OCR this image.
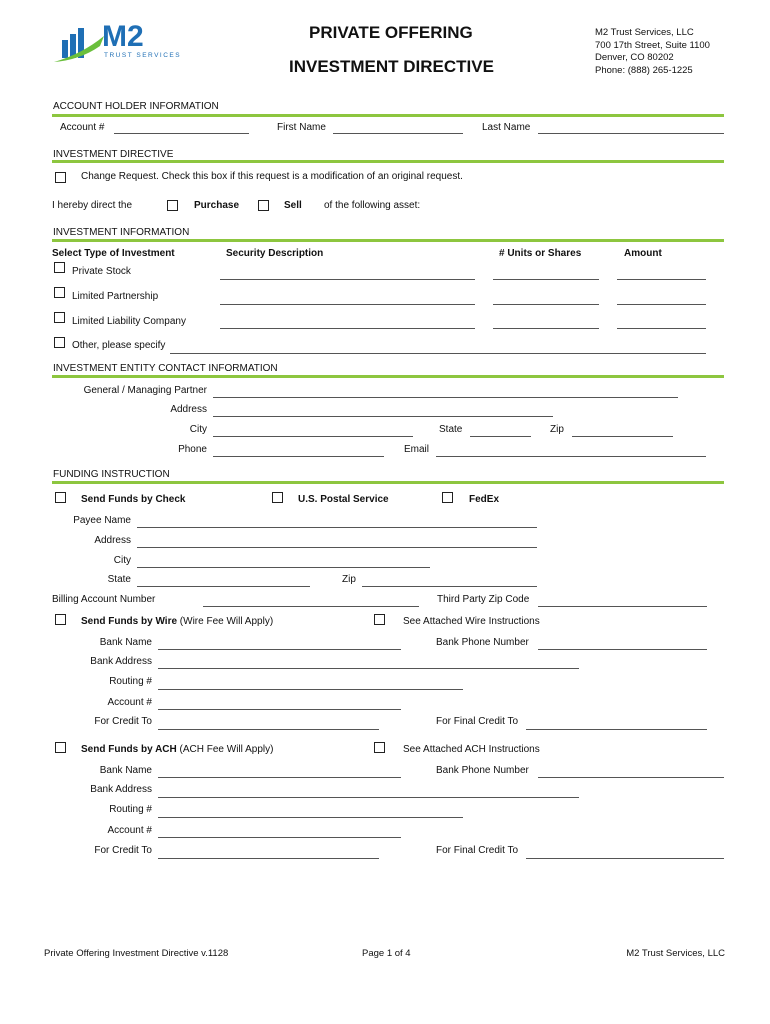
M2
TRUST SERVICES
PRIVATE OFFERING
INVESTMENT DIRECTIVE
M2 Trust Services, LLC
700 17th Street, Suite 1100
Denver, CO 80202
Phone: (888) 265-1225
ACCOUNT HOLDER INFORMATION
Account #	First Name	Last Name
INVESTMENT DIRECTIVE
Change Request. Check this box if this request is a modification of an original request.
I hereby direct the	Purchase	Sell of the following asset:
INVESTMENT INFORMATION
Select Type of Investment	Security Description	# Units or Shares	Amount
Private Stock
Limited Partnership
Limited Liability Company
Other, please specify
INVESTMENT ENTITY CONTACT INFORMATION
General / Managing Partner
Address
City	State	Zip
Phone	Email
FUNDING INSTRUCTION
Send Funds by Check	U.S. Postal Service	FedEx
Payee Name
Address
City
State	Zip
Billing Account Number	Third Party Zip Code
Send Funds by Wire (Wire Fee Will Apply)	See Attached Wire Instructions
Bank Name	Bank Phone Number
Bank Address
Routing #
Account #
For Credit To	For Final Credit To
Send Funds by ACH (ACH Fee Will Apply)	See Attached ACH Instructions
Bank Name	Bank Phone Number
Bank Address
Routing #
Account #
For Credit To	For Final Credit To
Private Offering Investment Directive v.1128	Page 1 of 4	M2 Trust Services, LLC
